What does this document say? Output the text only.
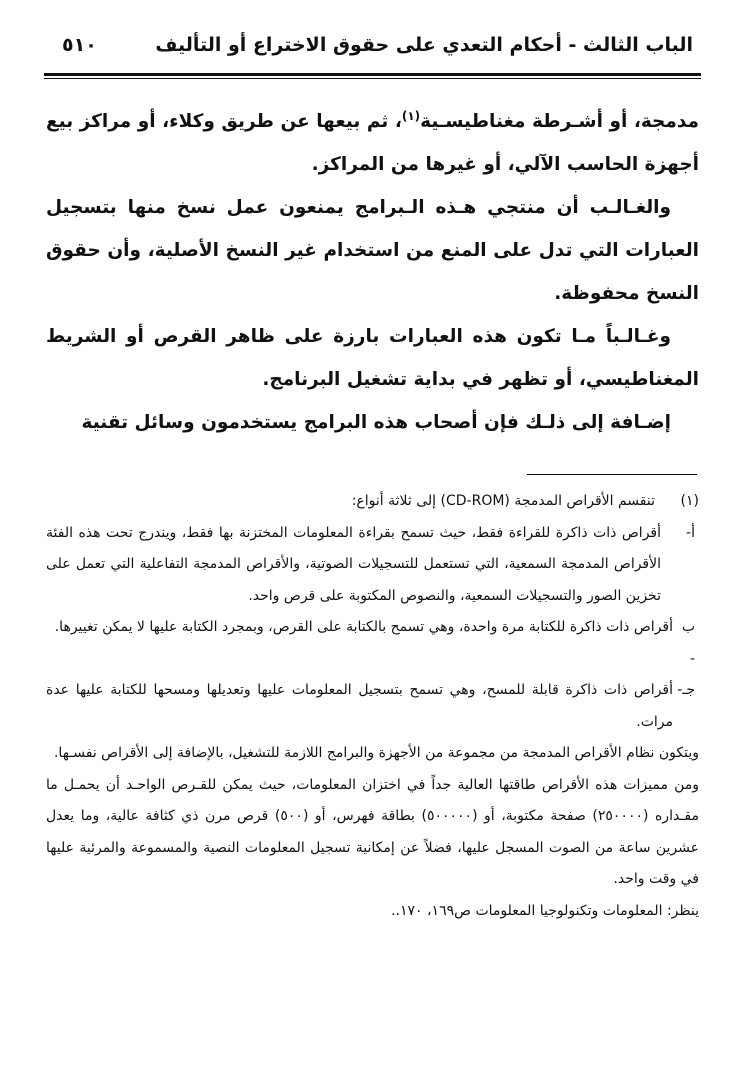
الباب الثالث - أحكام التعدي على حقوق الاختراع أو التأليف
٥١٠

مدمجة، أو أشـرطة مغناطيسـية$^{(١)}$، ثم بيعها عن طريق وكلاء، أو مراكز بيع أجهزة الحاسب الآلي، أو غيرها من المراكز.

والغـالـب أن منتجي هـذه الـبرامج يمنعون عمل نسخ منها بتسجيل العبارات التي تدل على المنع من استخدام غير النسخ الأصلية، وأن حقوق النسخ محفوظة.

وغـالـباً مـا تكون هذه العبارات بارزة على ظاهر القرص أو الشريط المغناطيسي، أو تظهر في بداية تشغيل البرنامج.

إضـافة إلى ذلـك فإن أصحاب هذه البرامج يستخدمون وسائل تقنية

(١)
تنقسم الأقراص المدمجة (CD-ROM) إلى ثلاثة أنواع:
أ-
أقراص ذات ذاكرة للقراءة فقط، حيث تسمح بقراءة المعلومات المختزنة بها فقط، ويندرج تحت هذه الفئة الأقراص المدمجة السمعية، التي تستعمل للتسجيلات الصوتية، والأقراص المدمجة التفاعلية التي تعمل على تخزين الصور والتسجيلات السمعية، والنصوص المكتوبة على قرص واحد.
ب -
أقراص ذات ذاكرة للكتابة مرة واحدة، وهي تسمح بالكتابة على القرص، وبمجرد الكتابة عليها لا يمكن تغييرها.
جـ-
أقراص ذات ذاكرة قابلة للمسح، وهي تسمح بتسجيل المعلومات عليها وتعديلها ومسحها للكتابة عليها عدة مرات.

ويتكون نظام الأقراص المدمجة من مجموعة من الأجهزة والبرامج اللازمة للتشغيل، بالإضافة إلى الأقراص نفسـها.

ومن مميزات هذه الأقراص طاقتها العالية جداً في اختزان المعلومات، حيث يمكن للقـرص الواحـد أن يحمـل ما مقـداره (٢٥٠٠٠٠) صفحة مكتوبة، أو (٥٠٠٠٠٠) بطاقة فهرس، أو (٥٠٠) قرص مرن ذي كثافة عالية، وما يعدل عشرين ساعة من الصوت المسجل عليها، فضلاً عن إمكانية تسجيل المعلومات النصية والمسموعة والمرئية عليها في وقت واحد.

ينظر: المعلومات وتكنولوجيا المعلومات ص١٦٩، ١٧٠..
